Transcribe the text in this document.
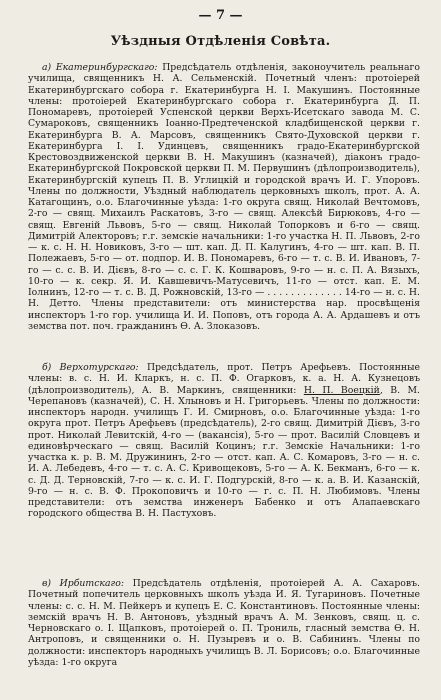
— 7 —
Уѣздныя Отдѣленія Совѣта.

а) Екатеринбургскаго: Предсѣдатель отдѣленія, законоучитель реальнаго училища, священникъ Н. А. Сельменскій. Почетный членъ: протоіерей Екатеринбургскаго собора г. Екатеринбурга Н. І. Макушинъ. Постоянные члены: протоіерей Екатеринбургскаго собора г. Екатеринбурга Д. П. Пономаревъ, протоіерей Успенской церкви Верхъ-Исетскаго завода М. С. Сумароковъ, священникъ Іоанно-Предтеченской кладбищенской церкви г. Екатеринбурга В. А. Марсовъ, священникъ Свято-Духовской церкви г. Екатеринбурга І. І. Удинцевъ, священникъ градо-Екатеринбургской Крестовоздвиженской церкви В. Н. Макушинъ (казначей), діаконъ градо-Екатеринбургской Покровской церкви П. М. Первушинъ (дѣлопроизводитель), Екатеринбургскій купецъ П. В. Углицкій и городской врачъ И. Г. Упоровъ. Члены по должности, Уѣздный наблюдатель церковныхъ школъ, прот. А. А. Катагощинъ, о.о. Благочинные уѣзда: 1-го округа свящ. Николай Вечтомовъ, 2-го — свящ. Михаилъ Раскатовъ, 3-го — свящ. Алексѣй Бирюковъ, 4-го — свящ. Евгеній Львовъ, 5-го — свящ. Николай Топорковъ и 6-го — свящ. Димитрій Алекторовъ; г.г. земскіе начальники: 1-го участка Н. П. Львовъ, 2-го — к. с. Н. Н. Новиковъ, 3-го — шт. кап. Д. П. Калугинъ, 4-го — шт. кап. В. П. Полежаевъ, 5-го — от. подпор. И. В. Пономаревъ, 6-го — т. с. В. И. Ивановъ, 7-го — с. с. В. И. Дієвъ, 8-го — с. с. Г. К. Кошваровъ, 9-го — н. с. П. А. Вязыхъ, 10-го — к. секр. Я. И. Кавшевичъ-Матусевичъ, 11-го — отст. кап. Е. М. Іолнинъ, 12-го — т. с. В. Д. Рожновскій, 13-го — . . . . . . . . . . . . . 14-го — н. с. Н. Н. Детто. Члены представители: отъ министерства нар. просвѣщенія инспекторъ 1-го гор. училища И. И. Поповъ, отъ города А. А. Ардашевъ и отъ земства пот. поч. гражданинъ Ѳ. А. Злоказовъ.

б) Верхотурскаго: Предсѣдатель, прот. Петръ Арефьевъ. Постоянные члены: в. с. Н. И. Кларкъ, н. с. П. Ф. Огарковъ, к. а. Н. А. Кузнецовъ (дѣлопроизводитель), А. В. Маркинъ, священники: Н. П. Воецкій, В. М. Черепановъ (казначей), С. Н. Хлыновъ и Н. Григорьевъ. Члены по должности: инспекторъ народн. училищъ Г. И. Смирновъ, о.о. Благочинные уѣзда: 1-го округа прот. Петръ Арефьевъ (предсѣдатель), 2-го свящ. Димитрій Дієвъ, 3-го прот. Николай Левитскій, 4-го — (вакансія), 5-го — прот. Василій Словцевъ и единовѣрческаго — свящ. Василій Коцинъ; г.г. Земскіе Начальники: 1-го участка к. р. В. М. Дружининъ, 2-го — отст. кап. А. С. Комаровъ, 3-го — н. с. И. А. Лебедевъ, 4-го — т. с. А. С. Кривощековъ, 5-го — А. К. Бекманъ, 6-го — к. с. Д. Д. Терновскій, 7-го — к. с. И. Г. Подгурскій, 8-го — к. а. В. И. Казанскій, 9-го — н. с. В. Ф. Прокоповичъ и 10-го — г. с. П. Н. Любимовъ. Члены представители: отъ земства инженеръ Бабенко и отъ Алапаевскаго городского общества В. Н. Пастуховъ.

в) Ирбитскаго: Предсѣдатель отдѣленія, протоіерей А. А. Сахаровъ. Почетный попечитель церковныхъ школъ уѣзда И. Я. Тугариновъ. Почетные члены: с. с. Н. М. Пейкеръ и купецъ Е. С. Константиновъ. Постоянные члены: земскій врачъ Н. В. Антоновъ, уѣздный врачъ А. М. Зенковъ, свящ. ц. с. Черновскаго о. І. Щапковъ, протоіерей о. П. Трониль, гласный земства Ѳ. Н. Антроповъ, и священники о. Н. Пузыревъ и о. В. Сабининъ. Члены по должности: инспекторъ народныхъ училищъ В. Л. Борисовъ; о.о. Благочинные уѣзда: 1-го округа
